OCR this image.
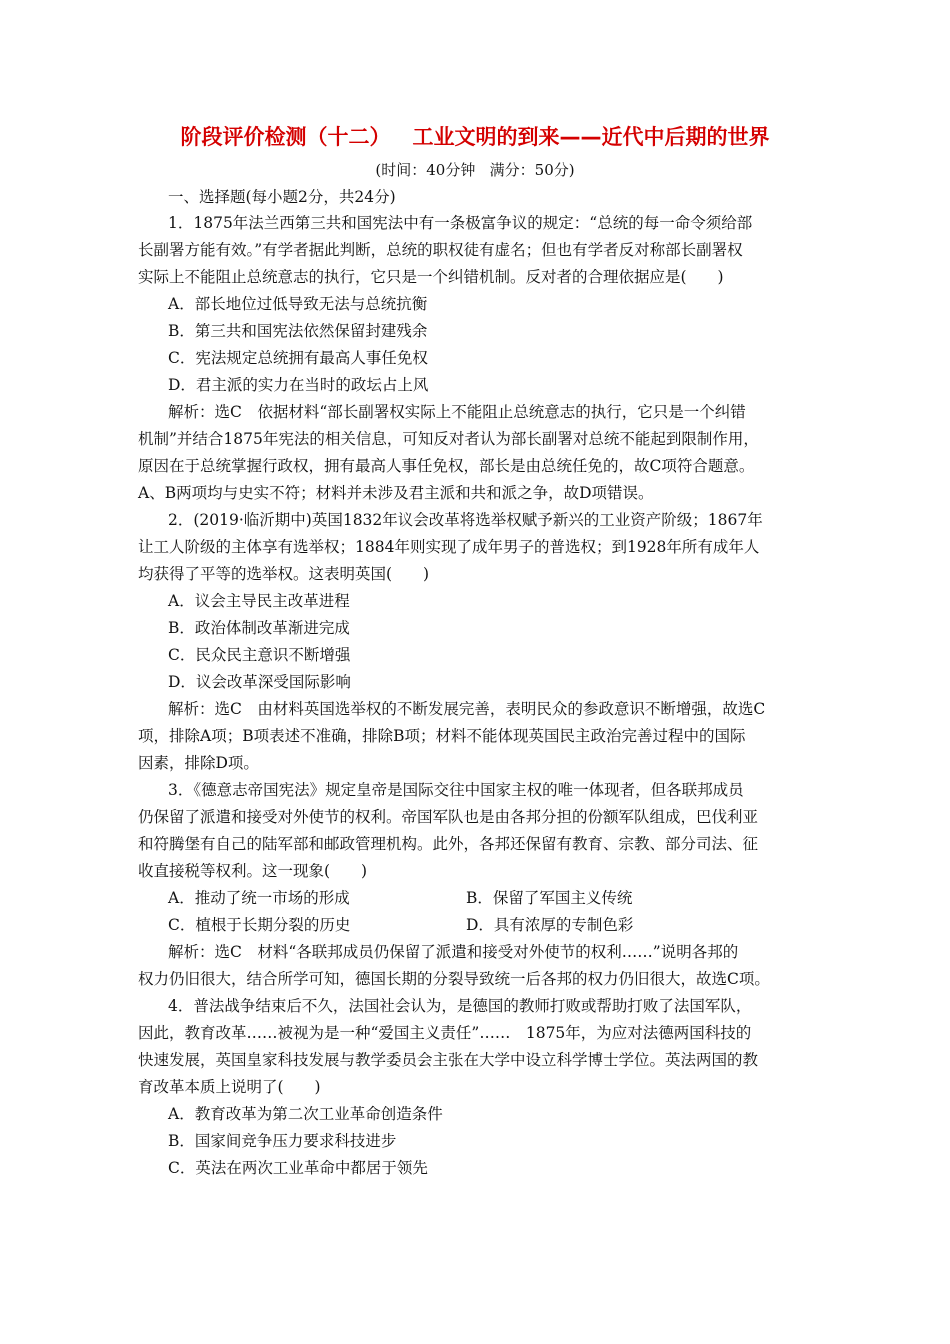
阶段评价检测（十二）   工业文明的到来——近代中后期的世界
(时间：40分钟   满分：50分)
一、选择题(每小题2分，共24分)
1．1875年法兰西第三共和国宪法中有一条极富争议的规定：“总统的每一命令须给部
长副署方能有效。”有学者据此判断，总统的职权徒有虚名；但也有学者反对称部长副署权
实际上不能阻止总统意志的执行，它只是一个纠错机制。反对者的合理依据应是(　　)
A．部长地位过低导致无法与总统抗衡
B．第三共和国宪法依然保留封建残余
C．宪法规定总统拥有最高人事任免权
D．君主派的实力在当时的政坛占上风
解析：选C　依据材料“部长副署权实际上不能阻止总统意志的执行，它只是一个纠错
机制”并结合1875年宪法的相关信息，可知反对者认为部长副署对总统不能起到限制作用，
原因在于总统掌握行政权，拥有最高人事任免权，部长是由总统任免的，故C项符合题意。
A、B两项均与史实不符；材料并未涉及君主派和共和派之争，故D项错误。
2．(2019·临沂期中)英国1832年议会改革将选举权赋予新兴的工业资产阶级；1867年
让工人阶级的主体享有选举权；1884年则实现了成年男子的普选权；到1928年所有成年人
均获得了平等的选举权。这表明英国(　　)
A．议会主导民主改革进程
B．政治体制改革渐进完成
C．民众民主意识不断增强
D．议会改革深受国际影响
解析：选C　由材料英国选举权的不断发展完善，表明民众的参政意识不断增强，故选C
项，排除A项；B项表述不准确，排除B项；材料不能体现英国民主政治完善过程中的国际
因素，排除D项。
3．《德意志帝国宪法》规定皇帝是国际交往中国家主权的唯一体现者，但各联邦成员
仍保留了派遣和接受对外使节的权利。帝国军队也是由各邦分担的份额军队组成，巴伐利亚
和符腾堡有自己的陆军部和邮政管理机构。此外，各邦还保留有教育、宗教、部分司法、征
收直接税等权利。这一现象(　　)
A．推动了统一市场的形成	B．保留了军国主义传统
C．植根于长期分裂的历史	D．具有浓厚的专制色彩
解析：选C　材料“各联邦成员仍保留了派遣和接受对外使节的权利……”说明各邦的
权力仍旧很大，结合所学可知，德国长期的分裂导致统一后各邦的权力仍旧很大，故选C项。
4．普法战争结束后不久，法国社会认为，是德国的教师打败或帮助打败了法国军队，
因此，教育改革……被视为是一种“爱国主义责任”……　1875年，为应对法德两国科技的
快速发展，英国皇家科技发展与教学委员会主张在大学中设立科学博士学位。英法两国的教
育改革本质上说明了(　　)
A．教育改革为第二次工业革命创造条件
B．国家间竞争压力要求科技进步
C．英法在两次工业革命中都居于领先
